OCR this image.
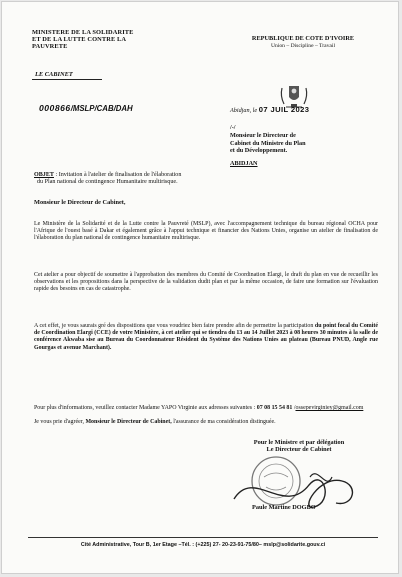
MINISTERE DE LA SOLIDARITE
ET DE LA LUTTE CONTRE LA
PAUVRETE
LE CABINET
REPUBLIQUE DE COTE D'IVOIRE
Union – Discipline – Travail
000866/MSLP/CAB/DAH	Abidjan, le 07 JUIL 2023
/-/
Monsieur le Directeur de
Cabinet du Ministre du Plan
et du Développement.
ABIDJAN
OBJET : Invitation à l'atelier de finalisation de l'élaboration
du Plan national de contingence Humanitaire multirisque.
Monsieur le Directeur de Cabinet,
Le Ministère de la Solidarité et de la Lutte contre la Pauvreté (MSLP), avec l'accompagnement technique du bureau régional OCHA pour l'Afrique de l'ouest basé à Dakar et également grâce à l'appui technique et financier des Nations Unies, organise un atelier de finalisation de l'élaboration du plan national de contingence humanitaire multirisque.
Cet atelier a pour objectif de soumettre à l'approbation des membres du Comité de Coordination Elargi, le draft du plan en vue de recueillir les observations et les propositions dans la perspective de la validation dudit plan et par la même occasion, de faire une formation sur l'évaluation rapide des besoins en cas de catastrophe.
A cet effet, je vous saurais gré des dispositions que vous voudriez bien faire prendre afin de permettre la participation du point focal du Comité de Coordination Elargi (CCE) de votre Ministère, à cet atelier qui se tiendra du 13 au 14 Juillet 2023 à 08 heures 30 minutes à la salle de conférence Akwaba sise au Bureau du Coordonnateur Résident du Système des Nations Unies au plateau (Bureau PNUD, Angle rue Gourgas et avenue Marchant).
Pour plus d'informations, veuillez contacter Madame YAPO Virginie aux adresses suivantes : 07 08 15 54 81 /ossepevirginiey@gmail.com
Je vous prie d'agréer, Monsieur le Directeur de Cabinet, l'assurance de ma considération distinguée.
Pour le Ministre et par délégation
Le Directeur de Cabinet
Paule Martine DOGBO
Cité Administrative, Tour B, 1er Etage –Tél. : (+225) 27- 20-23-91-75/80– mslp@solidarite.gouv.ci
